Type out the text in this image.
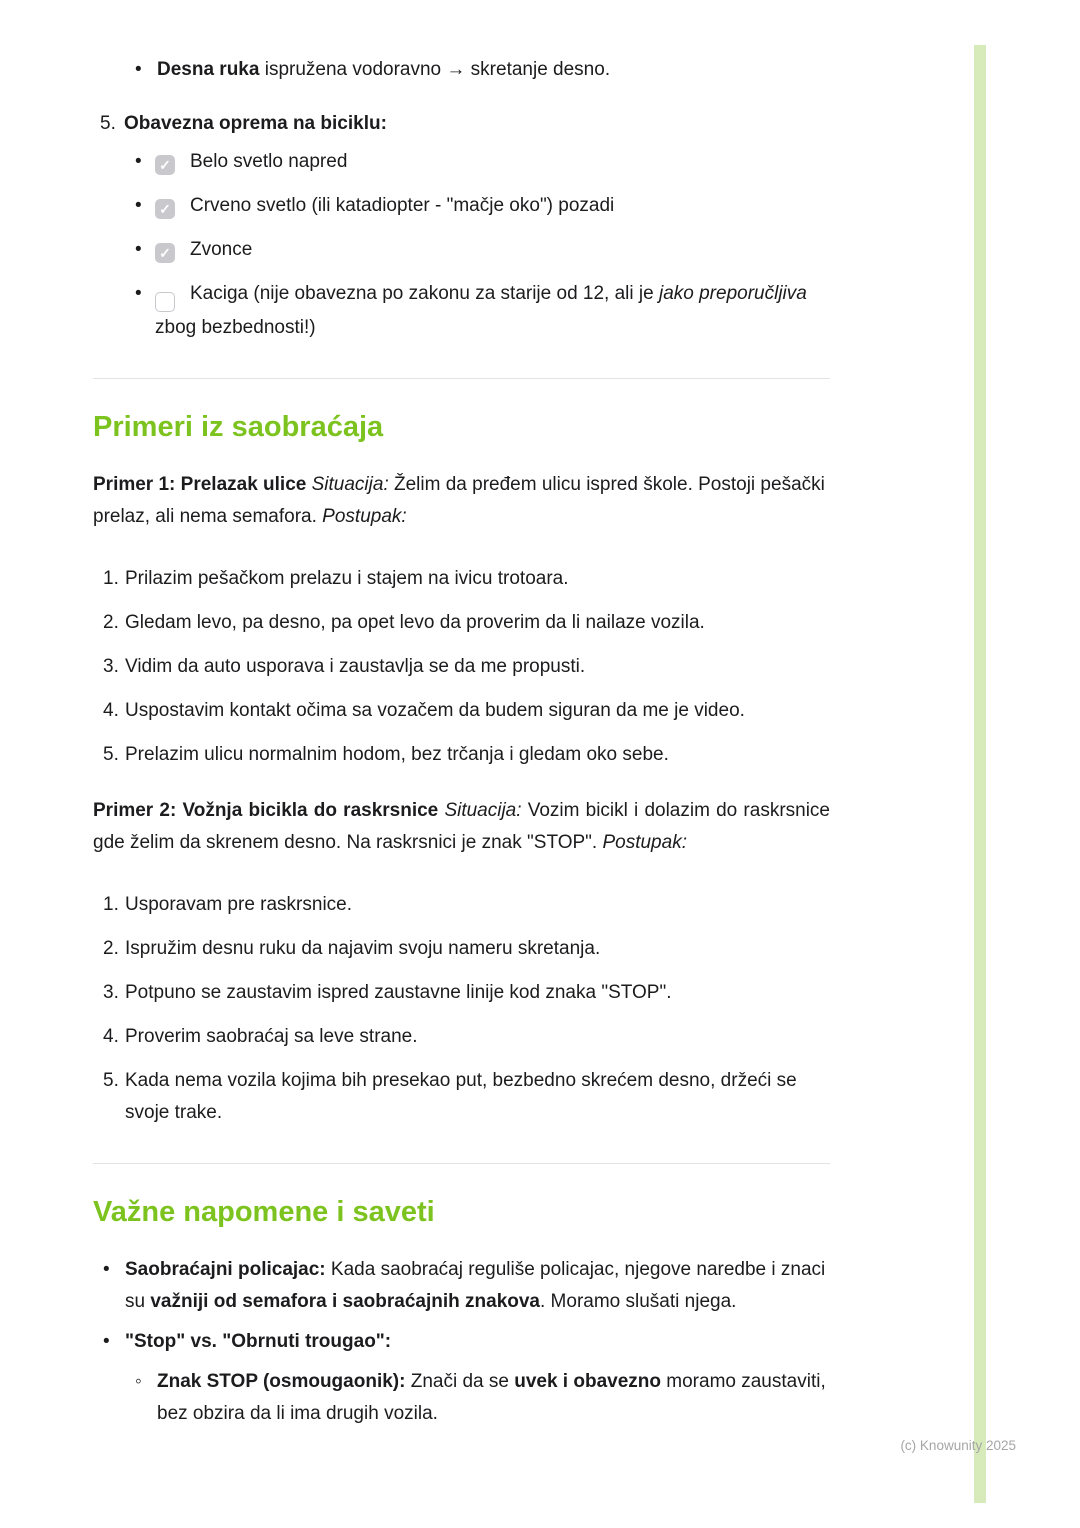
(c) Knowunity 2025
• Desna ruka ispružena vodoravno → skretanje desno.
5. Obavezna oprema na biciklu:
•	✓ Belo svetlo napred
•	✓ Crveno svetlo (ili katadiopter - "mačje oko") pozadi
•	✓ Zvonce
•	Kaciga (nije obavezna po zakonu za starije od 12, ali je jako preporučljiva zbog bezbednosti!)
Primeri iz saobraćaja

Primer 1: Prelazak ulice Situacija: Želim da pređem ulicu ispred škole. Postoji pešački prelaz, ali nema semafora. Postupak:

1. Prilazim pešačkom prelazu i stajem na ivicu trotoara.
2. Gledam levo, pa desno, pa opet levo da proverim da li nailaze vozila.
3. Vidim da auto usporava i zaustavlja se da me propusti.
4. Uspostavim kontakt očima sa vozačem da budem siguran da me je video.
5. Prelazim ulicu normalnim hodom, bez trčanja i gledam oko sebe.

Primer 2: Vožnja bicikla do raskrsnice Situacija: Vozim bicikl i dolazim do raskrsnice gde želim da skrenem desno. Na raskrsnici je znak "STOP". Postupak:

1. Usporavam pre raskrsnice.
2. Ispružim desnu ruku da najavim svoju nameru skretanja.
3. Potpuno se zaustavim ispred zaustavne linije kod znaka "STOP".
4. Proverim saobraćaj sa leve strane.
5. Kada nema vozila kojima bih presekao put, bezbedno skrećem desno, držeći se svoje trake.
Važne napomene i saveti
• Saobraćajni policajac: Kada saobraćaj reguliše policajac, njegove naredbe i znaci su važniji od semafora i saobraćajnih znakova. Moramo slušati njega.
• "Stop" vs. "Obrnuti trougao":
◦ Znak STOP (osmougaonik): Znači da se uvek i obavezno moramo zaustaviti, bez obzira da li ima drugih vozila.
